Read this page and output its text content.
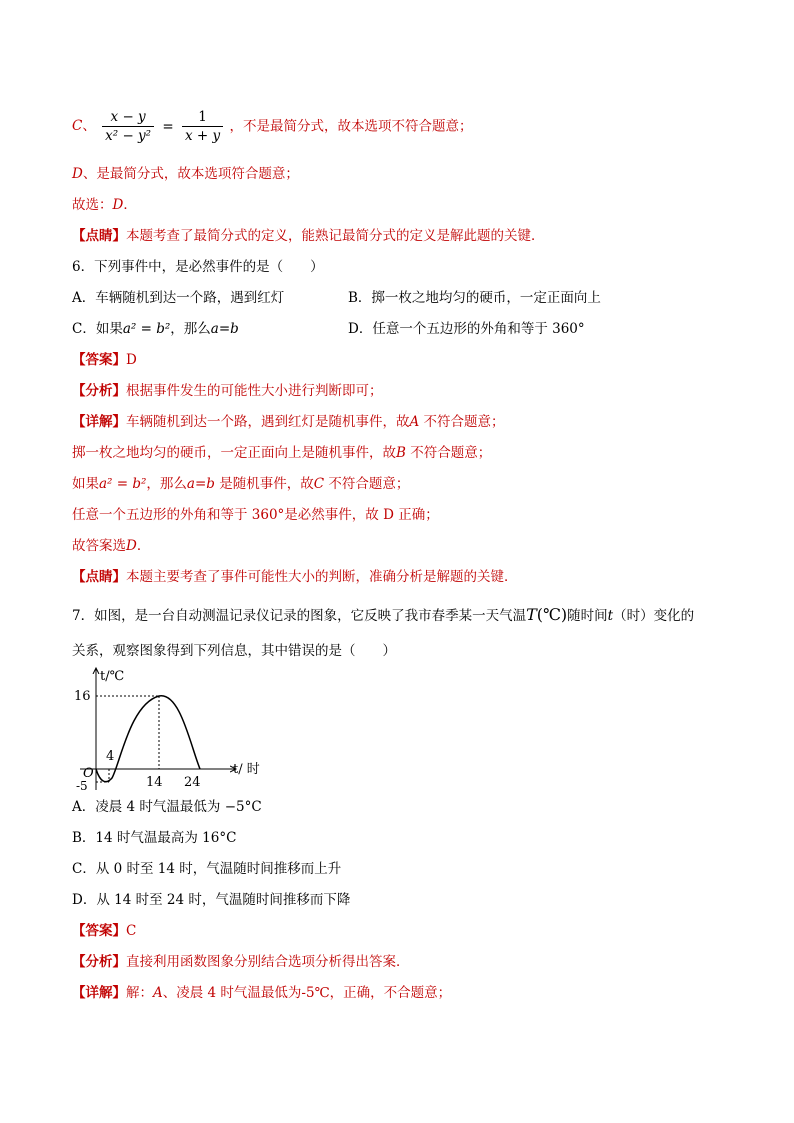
C、 $\frac{x - y}{\text{x² − y²}} = \frac{1}{x + y}$ ，不是最简分式，故本选项不符合题意；
D、是最简分式，故本选项符合题意；
故选：D．
【点睛】本题考查了最简分式的定义，能熟记最简分式的定义是解此题的关键．
6．下列事件中，是必然事件的是（　　）
A．车辆随机到达一个路，遇到红灯	B．掷一枚之地均匀的硬币，一定正面向上
C．如果a² = b²，那么a=b	D．任意一个五边形的外角和等于 360°
【答案】D
【分析】根据事件发生的可能性大小进行判断即可；
【详解】车辆随机到达一个路，遇到红灯是随机事件，故A 不符合题意；
掷一枚之地均匀的硬币，一定正面向上是随机事件，故B 不符合题意；
如果a² = b²，那么a=b 是随机事件，故C 不符合题意；
任意一个五边形的外角和等于 360°是必然事件，故 D 正确；
故答案选D．
【点睛】本题主要考查了事件可能性大小的判断，准确分析是解题的关键．
7．如图，是一台自动测温记录仪记录的图象，它反映了我市春季某一天气温T(℃)随时间t（时）变化的
关系，观察图象得到下列信息，其中错误的是（　　）
t/℃
16
4
O
-5	14 24
t/ 时
A．凌晨 4 时气温最低为 −5°C
B．14 时气温最高为 16°C
C．从 0 时至 14 时，气温随时间推移而上升
D．从 14 时至 24 时，气温随时间推移而下降
【答案】C
【分析】直接利用函数图象分别结合选项分析得出答案．
【详解】解：A、凌晨 4 时气温最低为-5℃，正确，不合题意；
